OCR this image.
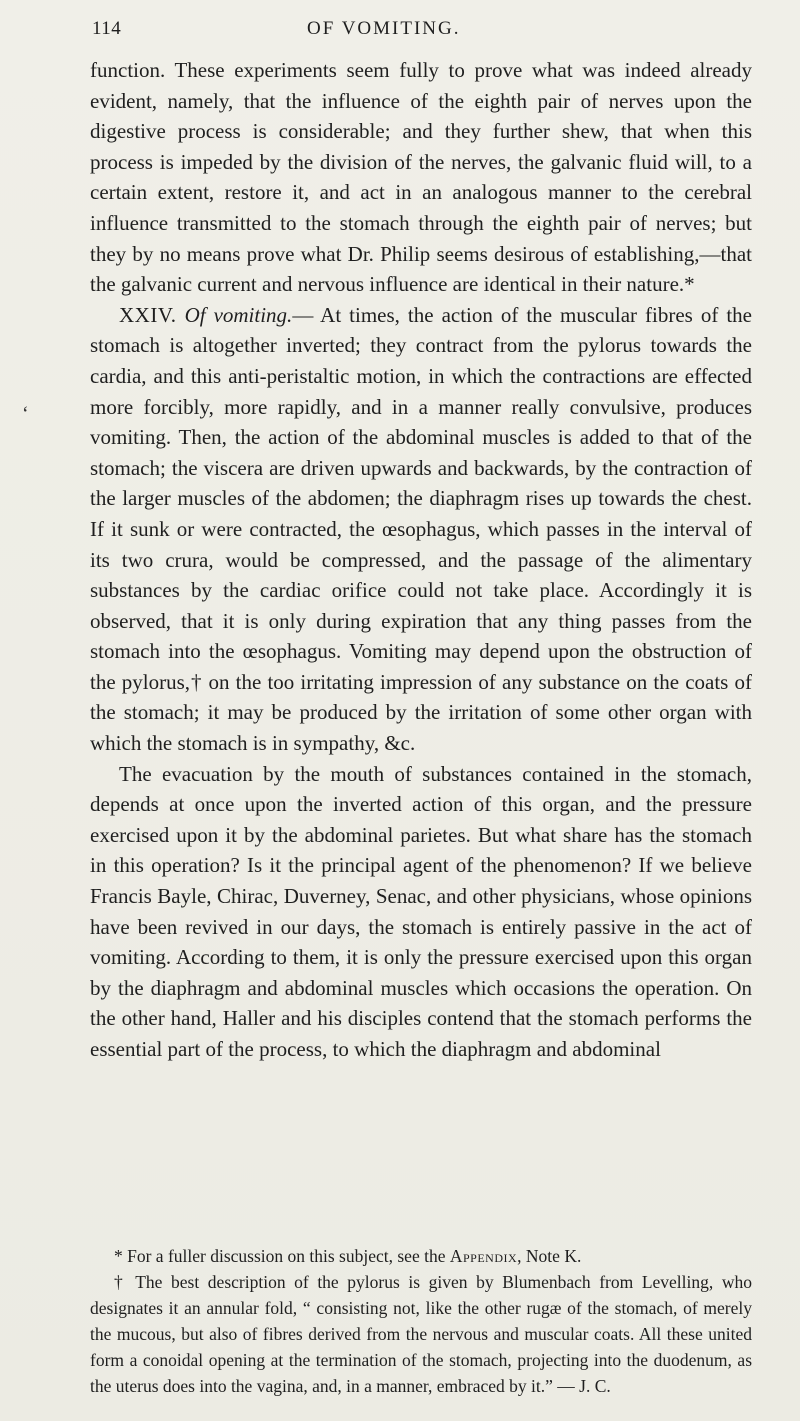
114	OF VOMITING.
‘

function. These experiments seem fully to prove what was indeed already evident, namely, that the influence of the eighth pair of nerves upon the digestive process is considerable; and they further shew, that when this process is impeded by the division of the nerves, the galvanic fluid will, to a certain extent, restore it, and act in an analogous manner to the cerebral influence transmitted to the stomach through the eighth pair of nerves; but they by no means prove what Dr. Philip seems desirous of establishing,—that the galvanic current and nervous influence are identical in their nature.*

XXIV. Of vomiting.— At times, the action of the muscular fibres of the stomach is altogether inverted; they contract from the pylorus towards the cardia, and this anti-peristaltic motion, in which the contractions are effected more forcibly, more rapidly, and in a manner really convulsive, produces vomiting. Then, the action of the abdominal muscles is added to that of the stomach; the viscera are driven upwards and backwards, by the contraction of the larger muscles of the abdomen; the diaphragm rises up towards the chest. If it sunk or were contracted, the œsophagus, which passes in the interval of its two crura, would be compressed, and the passage of the alimentary substances by the cardiac orifice could not take place. Accordingly it is observed, that it is only during expiration that any thing passes from the stomach into the œsophagus. Vomiting may depend upon the obstruction of the pylorus,† on the too irritating impression of any substance on the coats of the stomach; it may be produced by the irritation of some other organ with which the stomach is in sympathy, &c.

The evacuation by the mouth of substances contained in the stomach, depends at once upon the inverted action of this organ, and the pressure exercised upon it by the abdominal parietes. But what share has the stomach in this operation? Is it the principal agent of the phenomenon? If we believe Francis Bayle, Chirac, Duverney, Senac, and other physicians, whose opinions have been revived in our days, the stomach is entirely passive in the act of vomiting. According to them, it is only the pressure exercised upon this organ by the diaphragm and abdominal muscles which occasions the operation. On the other hand, Haller and his disciples contend that the stomach performs the essential part of the process, to which the diaphragm and abdominal

* For a fuller discussion on this subject, see the Appendix, Note K.

† The best description of the pylorus is given by Blumenbach from Levelling, who designates it an annular fold, “ consisting not, like the other rugæ of the stomach, of merely the mucous, but also of fibres derived from the nervous and muscular coats. All these united form a conoidal opening at the termination of the stomach, projecting into the duodenum, as the uterus does into the vagina, and, in a manner, embraced by it.” — J. C.
